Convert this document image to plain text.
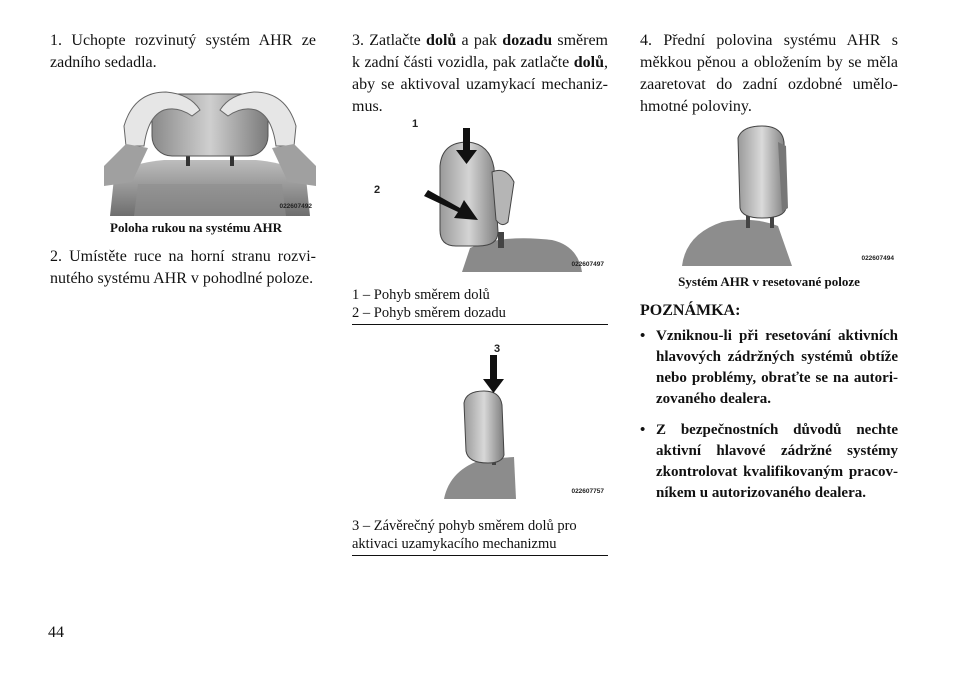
1. Uchopte rozvinutý systém AHR ze zadního sedadla.

022607492

Poloha rukou na systému AHR

2. Umístěte ruce na horní stranu rozvi- nutého systému AHR v pohodlné poloze.

3. Zatlačte dolů a pak dozadu směrem k zadní části vozidla, pak zatlačte dolů, aby se aktivoval uzamykací mechaniz- mus.

1
2
022607497

1 – Pohyb směrem dolů

2 – Pohyb směrem dozadu

3
022607757

3 – Závěrečný pohyb směrem dolů pro

aktivaci uzamykacího mechanizmu

4. Přední polovina systému AHR s měkkou pěnou a obložením by se měla zaaretovat do zadní ozdobné umělo- hmotné poloviny.

022607494

Systém AHR v resetované poloze

POZNÁMKA:

• Vzniknou-li při resetování aktivních hlavových zádržných systémů obtíže nebo problémy, obraťte se na autori- zovaného dealera.
• Z bezpečnostních důvodů nechte aktivní hlavové zádržné systémy zkontrolovat kvalifikovaným pracov- níkem u autorizovaného dealera.
44
